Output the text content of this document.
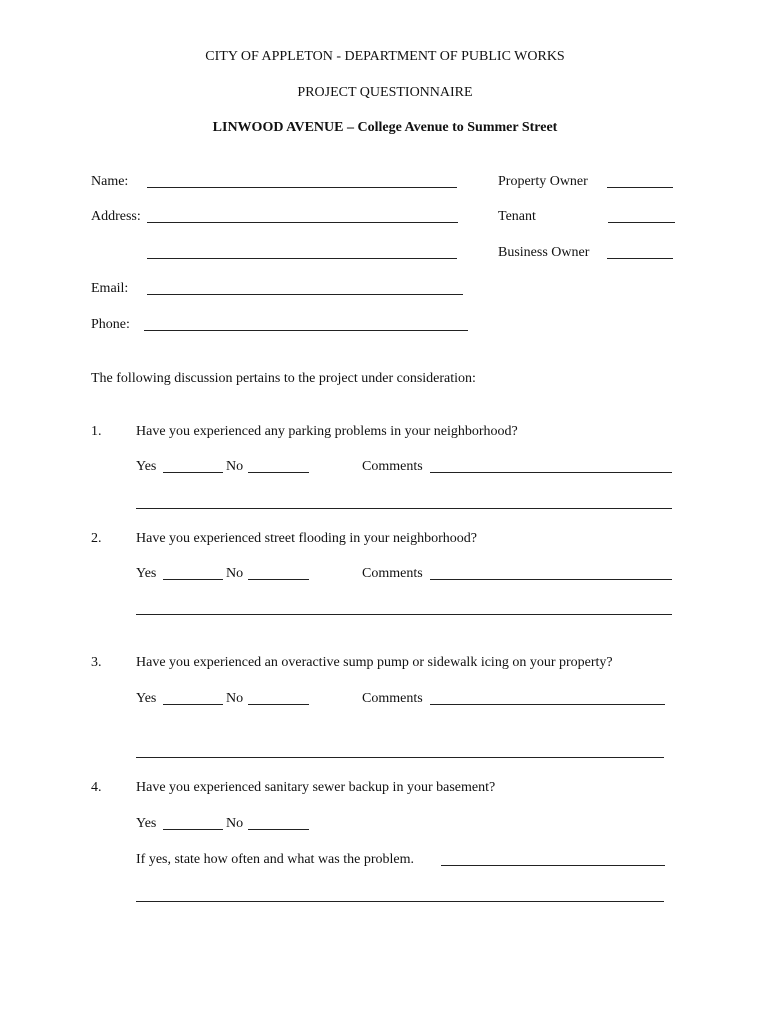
CITY OF APPLETON - DEPARTMENT OF PUBLIC WORKS
PROJECT QUESTIONNAIRE
LINWOOD AVENUE – College Avenue to Summer Street
Name:
Address:
Email:
Phone:
Property Owner
Tenant
Business Owner
The following discussion pertains to the project under consideration:
1. Have you experienced any parking problems in your neighborhood?
Yes	No	Comments
2. Have you experienced street flooding in your neighborhood?
Yes	No	Comments
3. Have you experienced an overactive sump pump or sidewalk icing on your property?
Yes	No	Comments
4. Have you experienced sanitary sewer backup in your basement?
Yes	No
If yes, state how often and what was the problem.
